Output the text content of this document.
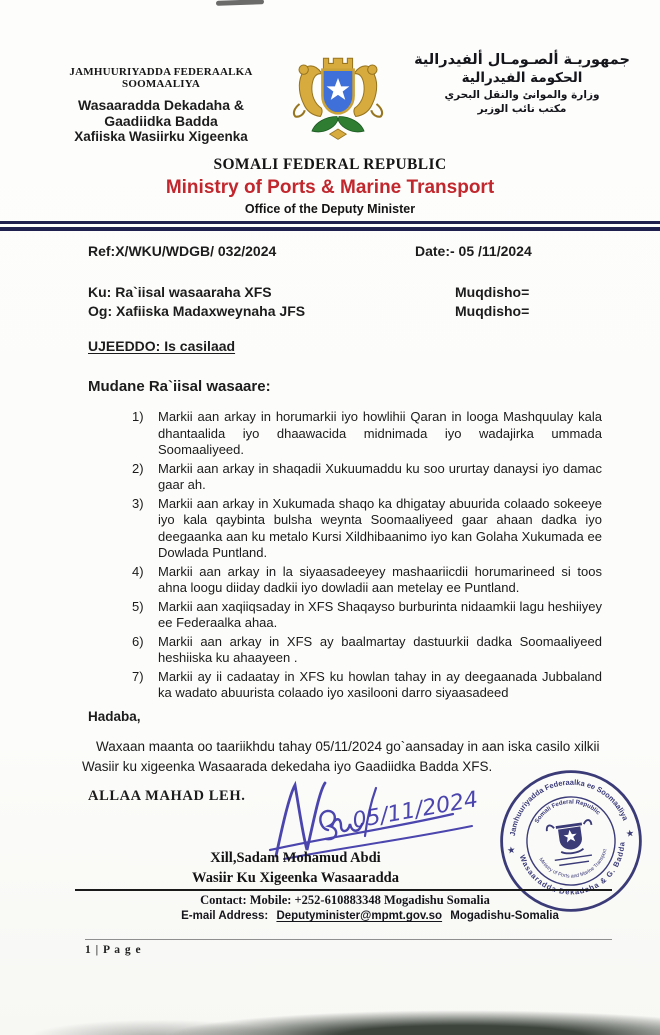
JAMHUURIYADDA FEDERAALKA SOOMAALIYA
Wasaaradda Dekadaha &
Gaadiidka Badda
Xafiiska Wasiirku Xigeenka
جمهوريـة ألصـومـال ألفيدرالية
الحكومة الفيدرالية
وزارة والموانئ والنقل البحري
مكتب نائب الوزير
SOMALI FEDERAL REPUBLIC
Ministry of Ports & Marine Transport
Office of the Deputy Minister
Ref:X/WKU/WDGB/ 032/2024	Date:- 05 /11/2024
Ku: Ra`iisal wasaaraha XFS	Muqdisho=
Og: Xafiiska Madaxweynaha JFS	Muqdisho=
UJEEDDO: Is casilaad
Mudane Ra`iisal wasaare:
1)	Markii aan arkay in horumarkii iyo howlihii Qaran in looga Mashquulay kala dhantaalida iyo dhaawacida midnimada iyo wadajirka ummada Soomaaliyeed.
2)	Markii aan arkay in shaqadii Xukuumaddu ku soo ururtay danaysi iyo damac gaar ah.
3)	Markii aan arkay in Xukumada shaqo ka dhigatay abuurida colaado sokeeye iyo kala qaybinta bulsha weynta Soomaaliyeed gaar ahaan dadka iyo deegaanka aan ku metalo Kursi Xildhibaanimo iyo kan Golaha Xukumada ee Dowlada Puntland.
4)	Markii aan arkay in la siyaasadeeyey mashaariicdii horumarineed si toos ahna loogu diiday dadkii iyo dowladii aan metelay ee Puntland.
5)	Markii aan xaqiiqsaday in XFS Shaqayso burburinta nidaamkii lagu heshiiyey ee Federaalka ahaa.
6)	Markii aan arkay in XFS ay baalmartay dastuurkii dadka Soomaaliyeed heshiiska ku ahaayeen .
7)	Markii ay ii cadaatay in XFS ku howlan tahay in ay deegaanada Jubbaland ka wadato abuurista colaado iyo xasilooni darro siyaasadeed
Hadaba,

Waxaan maanta oo taariikhdu tahay 05/11/2024 go`aansaday in aan iska casilo xilkii Wasiir ku xigeenka Wasaarada dekedaha iyo Gaadiidka Badda XFS.

ALLAA MAHAD LEH.	05/11/2024	Jamhuuriyadda Federaalka ee Soomaaliya
Wasaaradda Dekadaha & G. Badda
Somali Federal Republic
Ministry of Ports and Marine Transport
★
★
Xill,Sadam Mohamud Abdi
Wasiir Ku Xigeenka Wasaaradda
Contact: Mobile: +252-610883348 Mogadishu Somalia
E-mail Address: Deputyminister@mpmt.gov.so Mogadishu-Somalia
1 | P a g e
